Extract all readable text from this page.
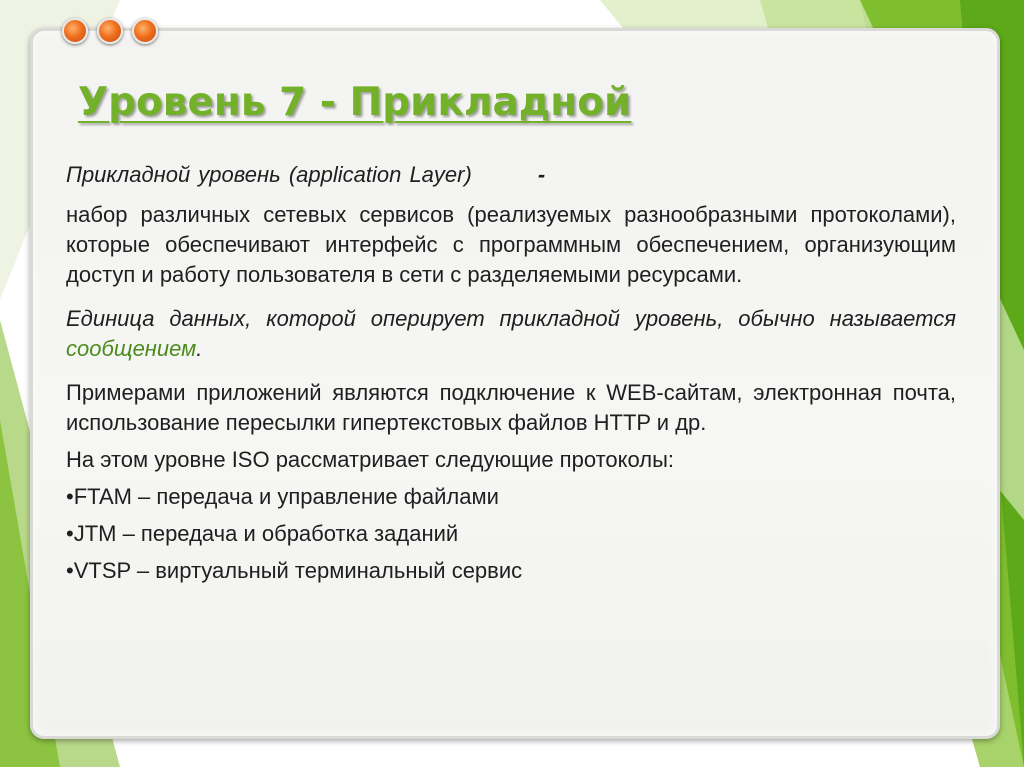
Уровень 7 - Прикладной

Прикладной уровень (application Layer)	-

набор различных сетевых сервисов (реализуемых разнообразными протоколами), которые обеспечивают интерфейс с программным обеспечением, организующим доступ и работу пользователя в сети с разделяемыми ресурсами.

Единица данных, которой оперирует прикладной уровень, обычно называется сообщением.

Примерами приложений являются подключение к WEB-сайтам, электронная почта, использование пересылки гипертекстовых файлов HTTP и др.

На этом уровне ISO рассматривает следующие протоколы:

•FTAM – передача и управление файлами

•JTM – передача и обработка заданий

•VTSP – виртуальный терминальный сервис
